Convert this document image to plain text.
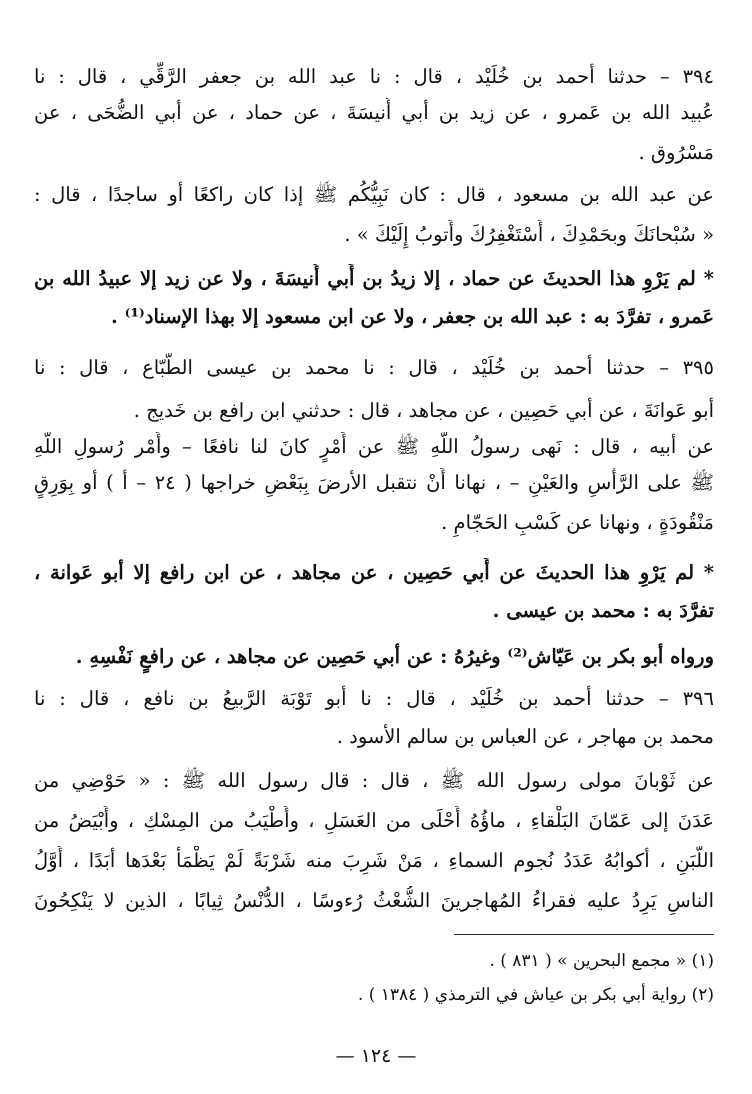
٣٩٤ – حدثنا أحمد بن خُلَيْد ، قال : نا عبد الله بن جعفر الرَّقِّي ، قال : نا
عُبيد الله بن عَمرو ، عن زيد بن أبي أُنيسَةَ ، عن حماد ، عن أبي الضُّحَى ، عن
مَسْرُوق .
عن عبد الله بن مسعود ، قال : كان نَبِيُّكُم ﷺ إذا كان راكعًا أو ساجدًا ، قال :
« سُبْحانَكَ وبحَمْدِكَ ، أَسْتَغْفِرُكَ وأَتوبُ إِلَيْكَ » .
* لم يَرْوِ هذا الحديثَ عن حماد ، إلا زيدُ بن أَبي أُنيسَةَ ، ولا عن زيد إلا عبيدُ الله بن
عَمرو ، تفرَّدَ به : عبد الله بن جعفر ، ولا عن ابن مسعود إلا بهذا الإسناد⁽¹⁾ .
٣٩٥ – حدثنا أحمد بن خُلَيْد ، قال : نا محمد بن عيسى الطَّبّاع ، قال : نا
أبو عَوانَةَ ، عن أبي حَصِين ، عن مجاهد ، قال : حدثني ابن رافع بن خَديج .
عن أبيه ، قال : نَهى رسولُ اللَّهِ ﷺ عن أَمْرٍ كانَ لنا نافعًا – وأَمْر رُسولِ اللَّهِ
ﷺ على الرَّأْسِ والعَيْنِ – ، نهانا أَنْ نتقبل الأرضَ بِبَعْضِ خراجها ( ٢٤ – أ ) أو بِوَرِقٍ
مَنْقُودَةٍ ، ونهانا عن كَسْبِ الحَجّامِ .
* لم يَرْوِ هذا الحديثَ عن أَبي حَصِين ، عن مجاهد ، عن ابن رافع إلا أبو عَوانة ،
تفرَّدَ به : محمد بن عيسى .
ورواه أبو بكر بن عَيّاش⁽²⁾ وغيرُهُ : عن أبي حَصِين عن مجاهد ، عن رافعٍ نَفْسِهِ .
٣٩٦ – حدثنا أحمد بن خُلَيْد ، قال : نا أبو تَوْبَة الرَّبيعُ بن نافع ، قال : نا
محمد بن مهاجر ، عن العباس بن سالم الأسود .
عن ثَوْبانَ مولى رسول الله ﷺ ، قال : قال رسول الله ﷺ : « حَوْضِي من
عَدَنَ إلى عَمّانَ البَلْقاءِ ، ماؤُهُ أَحْلَى من العَسَلِ ، وأَطْيَبُ من المِسْكِ ، وأَبْيَضُ من
اللَّبَنِ ، أكوابُهُ عَدَدُ نُجوم السماءِ ، مَنْ شَرِبَ منه شَرْبَةً لَمْ يَظْمَأْ بَعْدَها أبَدًا ، أَوَّلُ
الناسِ يَرِدُ عليه فقراءُ المُهاجرينَ الشُّعْثُ رُءوسًا ، الدُّنْسُ ثِيابًا ، الذين لا يَنْكِحُونَ
(١) « مجمع البحرين » ( ٨٣١ ) .
(٢) رواية أبي بكر بن عياش في الترمذي ( ١٣٨٤ ) .
— ١٢٤ —
